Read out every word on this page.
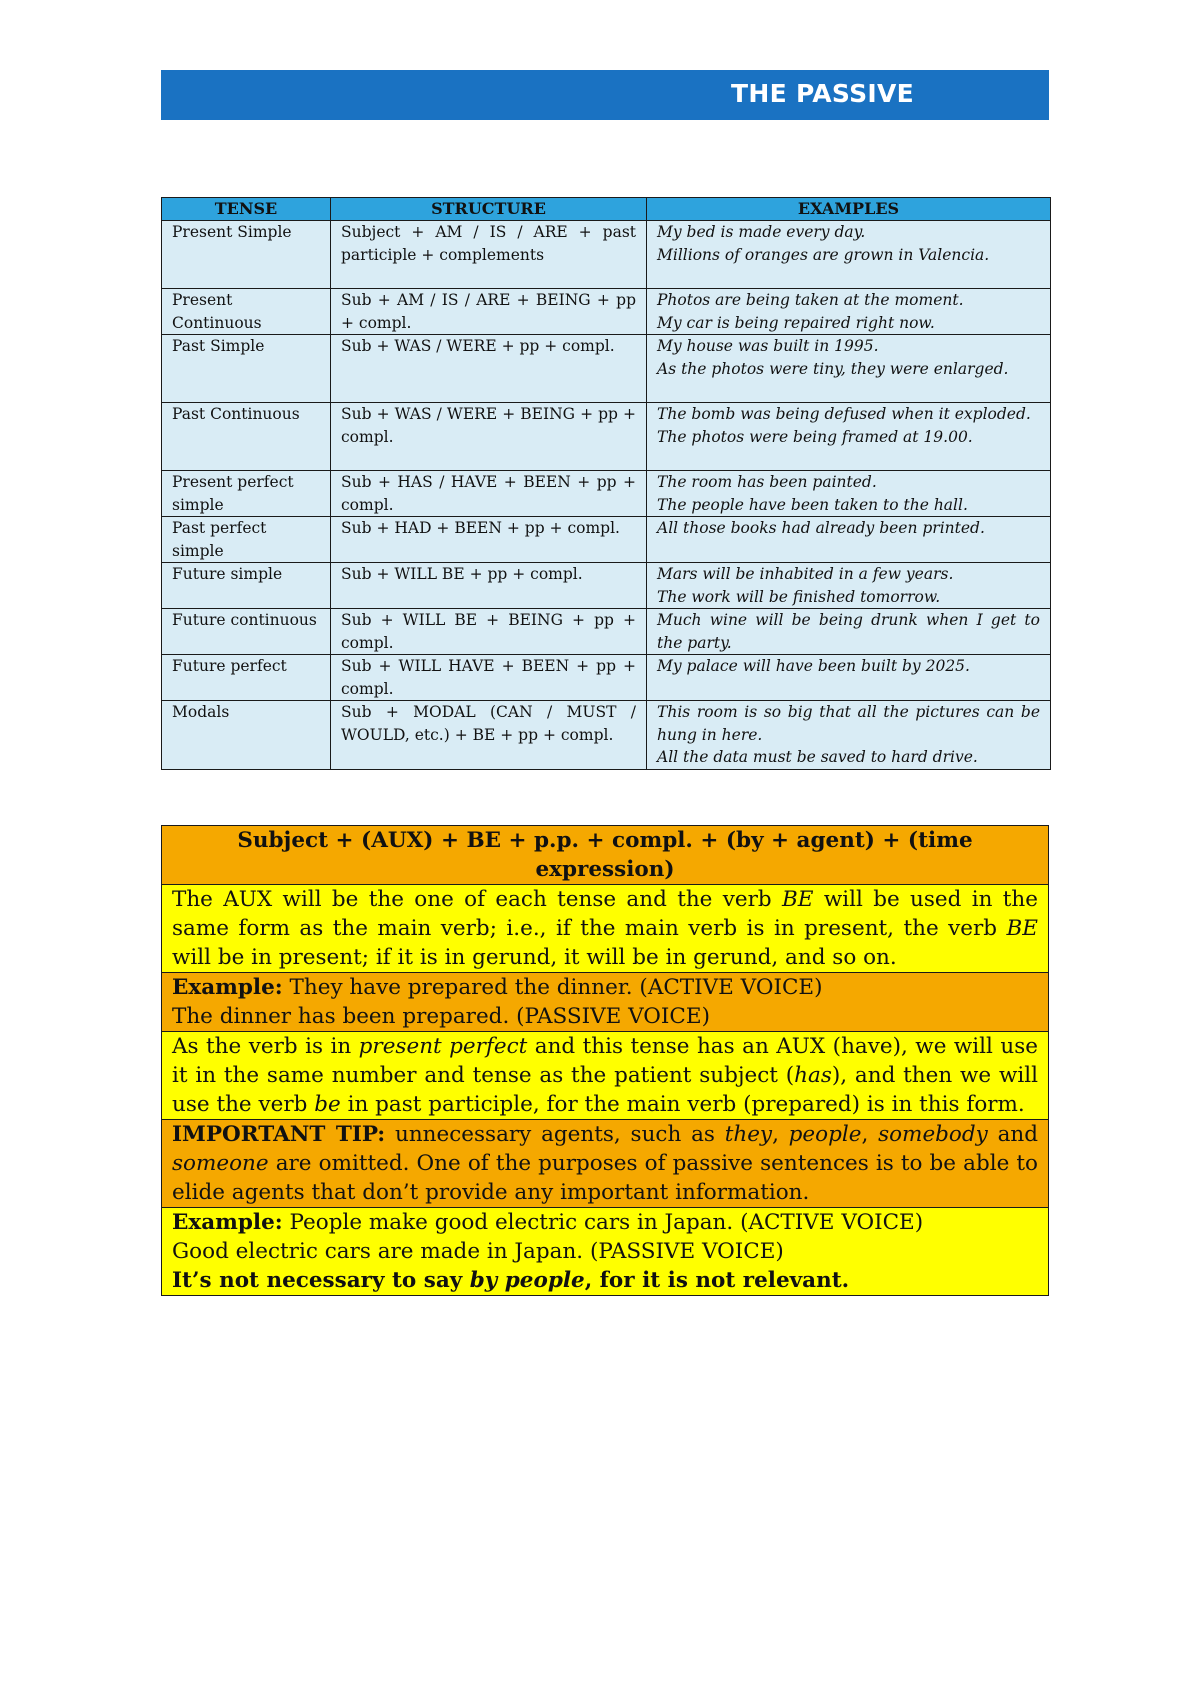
THE PASSIVE
TENSE	STRUCTURE	EXAMPLES
Present Simple	Subject + AM / IS / ARE + past participle + complements	My bed is made every day.
Millions of oranges are grown in Valencia.

Present Continuous	Sub + AM / IS / ARE + BEING + pp + compl.	Photos are being taken at the moment.
My car is being repaired right now.

Past Simple	Sub + WAS / WERE + pp + compl.	My house was built in 1995.
As the photos were tiny, they were enlarged.

Past Continuous	Sub + WAS / WERE + BEING + pp + compl.	The bomb was being defused when it exploded.
The photos were being framed at 19.00.

Present perfect simple	Sub + HAS / HAVE + BEEN + pp + compl.	The room has been painted.
The people have been taken to the hall.

Past perfect simple	Sub + HAD + BEEN + pp + compl.	All those books had already been printed.

Future simple	Sub + WILL BE + pp + compl.	Mars will be inhabited in a few years.
The work will be finished tomorrow.

Future continuous	Sub + WILL BE + BEING + pp + compl.	Much wine will be being drunk when I get to the party.

Future perfect	Sub + WILL HAVE + BEEN + pp + compl.	My palace will have been built by 2025.

Modals	Sub + MODAL (CAN / MUST / WOULD, etc.) + BE + pp + compl.	This room is so big that all the pictures can be hung in here.
All the data must be saved to hard drive.
Subject + (AUX) + BE + p.p. + compl. + (by + agent) + (time expression)
The AUX will be the one of each tense and the verb BE will be used in the same form as the main verb; i.e., if the main verb is in present, the verb BE will be in present; if it is in gerund, it will be in gerund, and so on.

Example: They have prepared the dinner. (ACTIVE VOICE)
The dinner has been prepared. (PASSIVE VOICE)

As the verb is in present perfect and this tense has an AUX (have), we will use it in the same number and tense as the patient subject (has), and then we will use the verb be in past participle, for the main verb (prepared) is in this form.
IMPORTANT TIP: unnecessary agents, such as they, people, somebody and someone are omitted. One of the purposes of passive sentences is to be able to elide agents that don’t provide any important information.

Example: People make good electric cars in Japan. (ACTIVE VOICE)
Good electric cars are made in Japan. (PASSIVE VOICE)
It’s not necessary to say by people, for it is not relevant.
